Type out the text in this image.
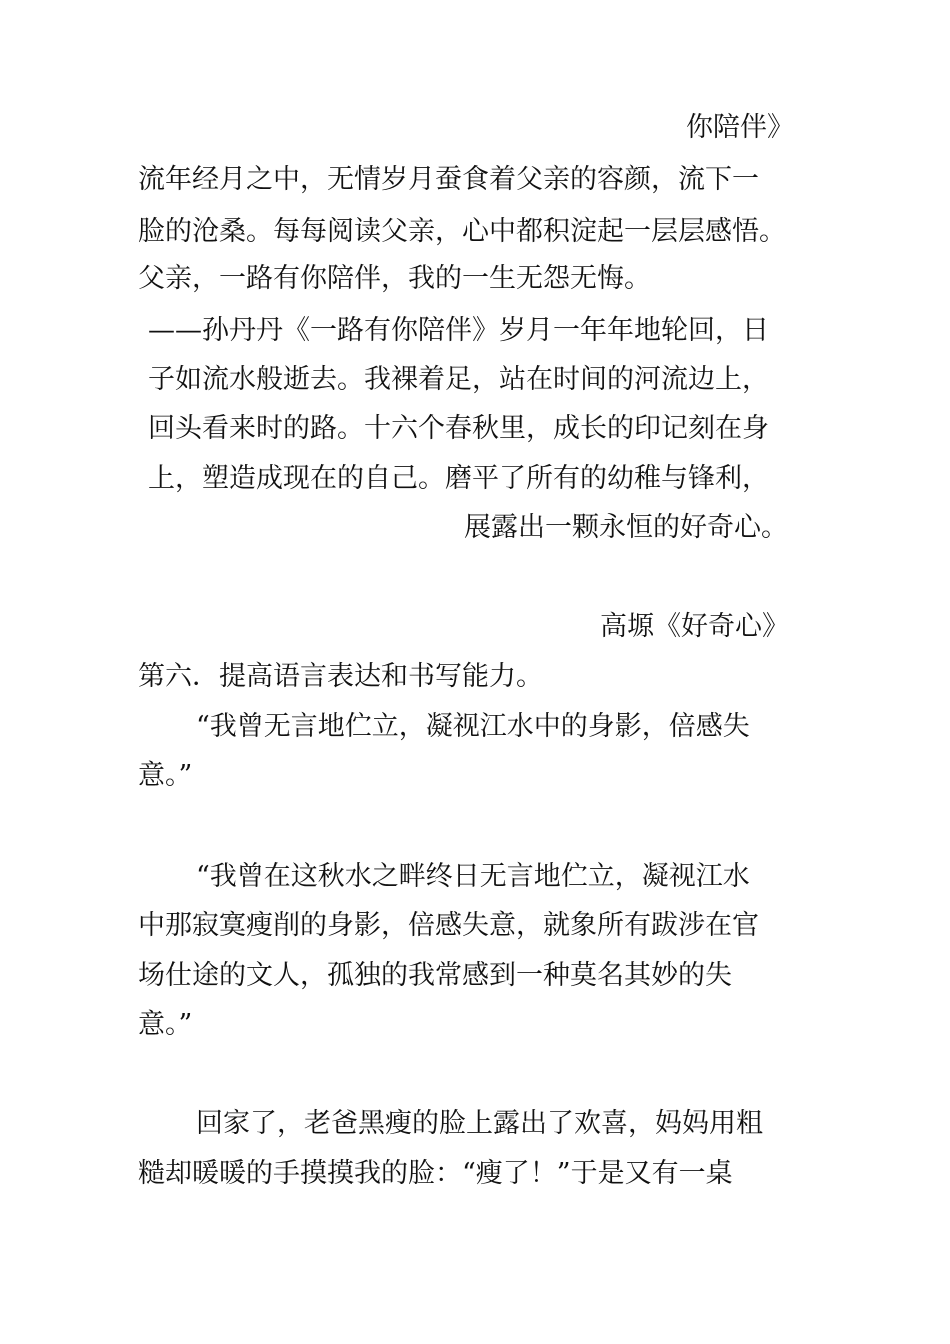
你陪伴》
流年经月之中，无情岁月蚕食着父亲的容颜，流下一
脸的沧桑。每每阅读父亲，心中都积淀起一层层感悟。
父亲，一路有你陪伴，我的一生无怨无悔。
——孙丹丹《一路有你陪伴》岁月一年年地轮回，日
子如流水般逝去。我裸着足，站在时间的河流边上，
回头看来时的路。十六个春秋里，成长的印记刻在身
上，塑造成现在的自己。磨平了所有的幼稚与锋利，
展露出一颗永恒的好奇心。
高塬《好奇心》
第六．提高语言表达和书写能力。
“我曾无言地伫立，凝视江水中的身影，倍感失
意。”
“我曾在这秋水之畔终日无言地伫立，凝视江水
中那寂寞瘦削的身影，倍感失意，就象所有跋涉在官
场仕途的文人，孤独的我常感到一种莫名其妙的失
意。”
回家了，老爸黑瘦的脸上露出了欢喜，妈妈用粗
糙却暖暖的手摸摸我的脸：“瘦了！”于是又有一桌
